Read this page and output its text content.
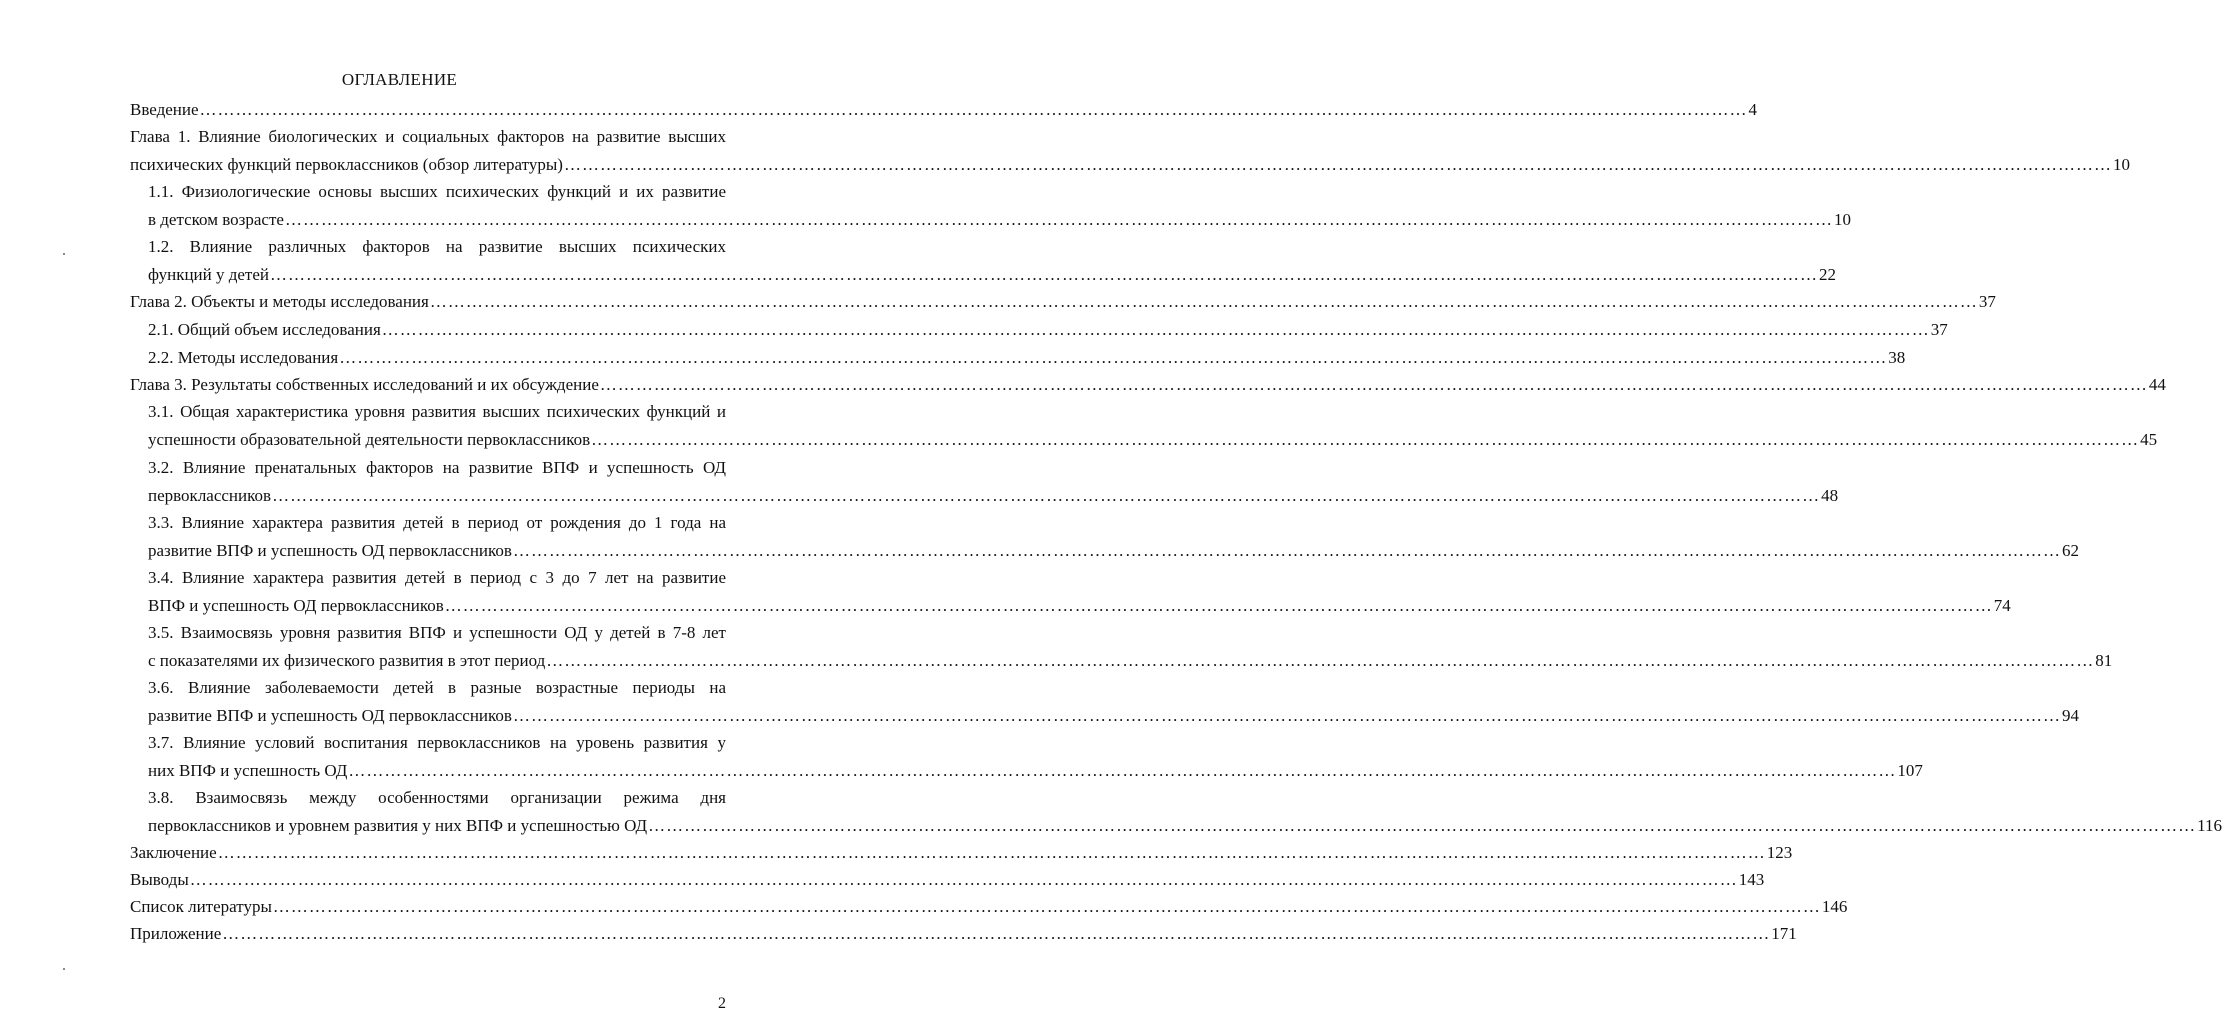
ОГЛАВЛЕНИЕ
Введение …………………………………………………………………………………………………………………………………………………………………………………………………………………………………… 4
Глава 1. Влияние биологических и социальных факторов на развитие высших
психических функций первоклассников (обзор литературы) …………………………………………………………………………………………………………………………………………………………………………………………………………………………………… 10
1.1. Физиологические основы высших психических функций и их развитие
в детском возрасте …………………………………………………………………………………………………………………………………………………………………………………………………………………………………… 10
1.2. Влияние различных факторов на развитие высших психических
функций у детей …………………………………………………………………………………………………………………………………………………………………………………………………………………………………… 22
Глава 2. Объекты и методы исследования …………………………………………………………………………………………………………………………………………………………………………………………………………………………………… 37
2.1. Общий объем исследования …………………………………………………………………………………………………………………………………………………………………………………………………………………………………… 37
2.2. Методы исследования …………………………………………………………………………………………………………………………………………………………………………………………………………………………………… 38
Глава 3. Результаты собственных исследований и их обсуждение …………………………………………………………………………………………………………………………………………………………………………………………………………………………………… 44
3.1. Общая характеристика уровня развития высших психических функций и
успешности образовательной деятельности первоклассников …………………………………………………………………………………………………………………………………………………………………………………………………………………………………… 45
3.2. Влияние пренатальных факторов на развитие ВПФ и успешность ОД
первоклассников …………………………………………………………………………………………………………………………………………………………………………………………………………………………………… 48
3.3. Влияние характера развития детей в период от рождения до 1 года на
развитие ВПФ и успешность ОД первоклассников …………………………………………………………………………………………………………………………………………………………………………………………………………………………………… 62
3.4. Влияние характера развития детей в период с 3 до 7 лет на развитие
ВПФ и успешность ОД первоклассников …………………………………………………………………………………………………………………………………………………………………………………………………………………………………… 74
3.5. Взаимосвязь уровня развития ВПФ и успешности ОД у детей в 7-8 лет
с показателями их физического развития в этот период …………………………………………………………………………………………………………………………………………………………………………………………………………………………………… 81
3.6. Влияние заболеваемости детей в разные возрастные периоды на
развитие ВПФ и успешность ОД первоклассников …………………………………………………………………………………………………………………………………………………………………………………………………………………………………… 94
3.7. Влияние условий воспитания первоклассников на уровень развития у
них ВПФ и успешность ОД …………………………………………………………………………………………………………………………………………………………………………………………………………………………………… 107
3.8. Взаимосвязь между особенностями организации режима дня
первоклассников и уровнем развития у них ВПФ и успешностью ОД …………………………………………………………………………………………………………………………………………………………………………………………………………………………………… 116
Заключение …………………………………………………………………………………………………………………………………………………………………………………………………………………………………… 123
Выводы …………………………………………………………………………………………………………………………………………………………………………………………………………………………………… 143
Список литературы …………………………………………………………………………………………………………………………………………………………………………………………………………………………………… 146
Приложение …………………………………………………………………………………………………………………………………………………………………………………………………………………………………… 171
2
